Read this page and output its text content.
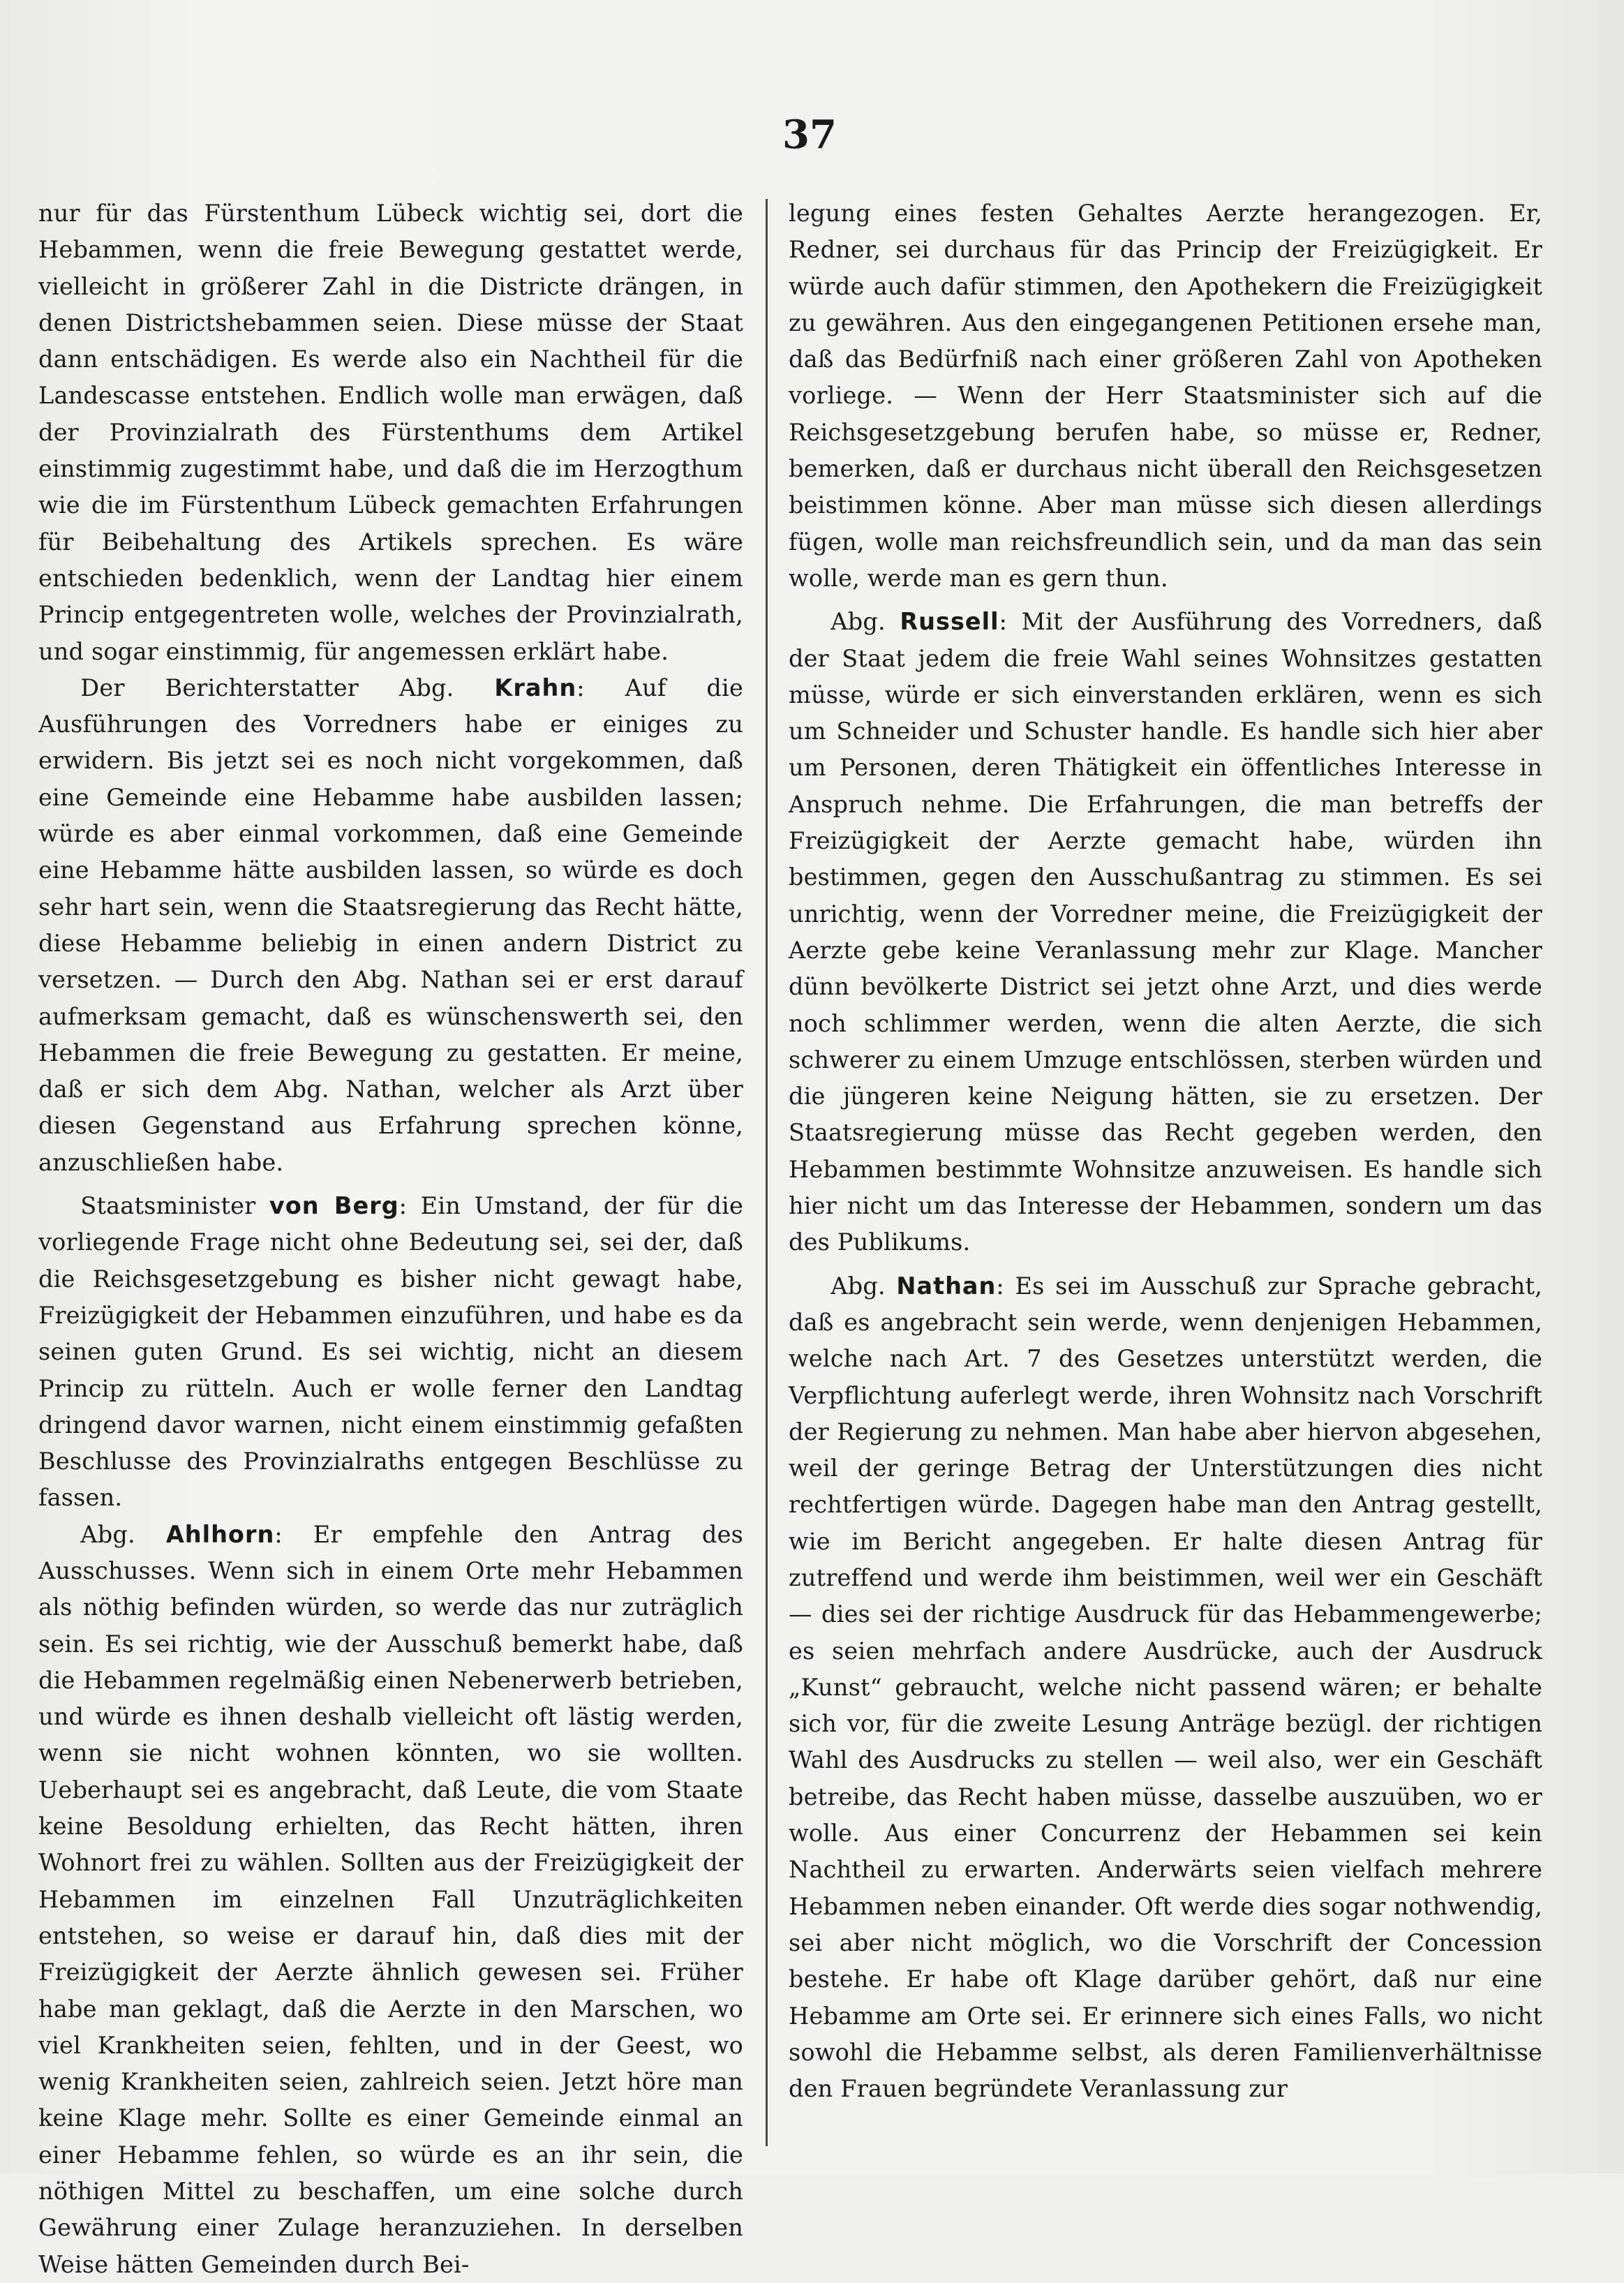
37

nur für das Fürstenthum Lübeck wichtig sei, dort die Hebammen, wenn die freie Bewegung gestattet werde, vielleicht in größerer Zahl in die Districte drängen, in denen Districtshebammen seien. Diese müsse der Staat dann entschädigen. Es werde also ein Nachtheil für die Landescasse entstehen. Endlich wolle man erwägen, daß der Provinzialrath des Fürstenthums dem Artikel einstimmig zugestimmt habe, und daß die im Herzogthum wie die im Fürstenthum Lübeck gemachten Erfahrungen für Beibehaltung des Artikels sprechen. Es wäre entschieden bedenklich, wenn der Landtag hier einem Princip entgegentreten wolle, welches der Provinzialrath, und sogar einstimmig, für angemessen erklärt habe.

Der Berichterstatter Abg. Krahn: Auf die Ausführungen des Vorredners habe er einiges zu erwidern. Bis jetzt sei es noch nicht vorgekommen, daß eine Gemeinde eine Hebamme habe ausbilden lassen; würde es aber einmal vorkommen, daß eine Gemeinde eine Hebamme hätte ausbilden lassen, so würde es doch sehr hart sein, wenn die Staatsregierung das Recht hätte, diese Hebamme beliebig in einen andern District zu versetzen. — Durch den Abg. Nathan sei er erst darauf aufmerksam gemacht, daß es wünschenswerth sei, den Hebammen die freie Bewegung zu gestatten. Er meine, daß er sich dem Abg. Nathan, welcher als Arzt über diesen Gegenstand aus Erfahrung sprechen könne, anzuschließen habe.

Staatsminister von Berg: Ein Umstand, der für die vorliegende Frage nicht ohne Bedeutung sei, sei der, daß die Reichsgesetzgebung es bisher nicht gewagt habe, Freizügigkeit der Hebammen einzuführen, und habe es da seinen guten Grund. Es sei wichtig, nicht an diesem Princip zu rütteln. Auch er wolle ferner den Landtag dringend davor warnen, nicht einem einstimmig gefaßten Beschlusse des Provinzialraths entgegen Beschlüsse zu fassen.

Abg. Ahlhorn: Er empfehle den Antrag des Ausschusses. Wenn sich in einem Orte mehr Hebammen als nöthig befinden würden, so werde das nur zuträglich sein. Es sei richtig, wie der Ausschuß bemerkt habe, daß die Hebammen regelmäßig einen Nebenerwerb betrieben, und würde es ihnen deshalb vielleicht oft lästig werden, wenn sie nicht wohnen könnten, wo sie wollten. Ueberhaupt sei es angebracht, daß Leute, die vom Staate keine Besoldung erhielten, das Recht hätten, ihren Wohnort frei zu wählen. Sollten aus der Freizügigkeit der Hebammen im einzelnen Fall Unzuträglichkeiten entstehen, so weise er darauf hin, daß dies mit der Freizügigkeit der Aerzte ähnlich gewesen sei. Früher habe man geklagt, daß die Aerzte in den Marschen, wo viel Krankheiten seien, fehlten, und in der Geest, wo wenig Krankheiten seien, zahlreich seien. Jetzt höre man keine Klage mehr. Sollte es einer Gemeinde einmal an einer Hebamme fehlen, so würde es an ihr sein, die nöthigen Mittel zu beschaffen, um eine solche durch Gewährung einer Zulage heranzuziehen. In derselben Weise hätten Gemeinden durch Bei-

legung eines festen Gehaltes Aerzte herangezogen. Er, Redner, sei durchaus für das Princip der Freizügigkeit. Er würde auch dafür stimmen, den Apothekern die Freizügigkeit zu gewähren. Aus den eingegangenen Petitionen ersehe man, daß das Bedürfniß nach einer größeren Zahl von Apotheken vorliege. — Wenn der Herr Staatsminister sich auf die Reichsgesetzgebung berufen habe, so müsse er, Redner, bemerken, daß er durchaus nicht überall den Reichsgesetzen beistimmen könne. Aber man müsse sich diesen allerdings fügen, wolle man reichsfreundlich sein, und da man das sein wolle, werde man es gern thun.

Abg. Russell: Mit der Ausführung des Vorredners, daß der Staat jedem die freie Wahl seines Wohnsitzes gestatten müsse, würde er sich einverstanden erklären, wenn es sich um Schneider und Schuster handle. Es handle sich hier aber um Personen, deren Thätigkeit ein öffentliches Interesse in Anspruch nehme. Die Erfahrungen, die man betreffs der Freizügigkeit der Aerzte gemacht habe, würden ihn bestimmen, gegen den Ausschußantrag zu stimmen. Es sei unrichtig, wenn der Vorredner meine, die Freizügigkeit der Aerzte gebe keine Veranlassung mehr zur Klage. Mancher dünn bevölkerte District sei jetzt ohne Arzt, und dies werde noch schlimmer werden, wenn die alten Aerzte, die sich schwerer zu einem Umzuge entschlössen, sterben würden und die jüngeren keine Neigung hätten, sie zu ersetzen. Der Staatsregierung müsse das Recht gegeben werden, den Hebammen bestimmte Wohnsitze anzuweisen. Es handle sich hier nicht um das Interesse der Hebammen, sondern um das des Publikums.

Abg. Nathan: Es sei im Ausschuß zur Sprache gebracht, daß es angebracht sein werde, wenn denjenigen Hebammen, welche nach Art. 7 des Gesetzes unterstützt werden, die Verpflichtung auferlegt werde, ihren Wohnsitz nach Vorschrift der Regierung zu nehmen. Man habe aber hiervon abgesehen, weil der geringe Betrag der Unterstützungen dies nicht rechtfertigen würde. Dagegen habe man den Antrag gestellt, wie im Bericht angegeben. Er halte diesen Antrag für zutreffend und werde ihm beistimmen, weil wer ein Geschäft — dies sei der richtige Ausdruck für das Hebammengewerbe; es seien mehrfach andere Ausdrücke, auch der Ausdruck „Kunst“ gebraucht, welche nicht passend wären; er behalte sich vor, für die zweite Lesung Anträge bezügl. der richtigen Wahl des Ausdrucks zu stellen — weil also, wer ein Geschäft betreibe, das Recht haben müsse, dasselbe auszuüben, wo er wolle. Aus einer Concurrenz der Hebammen sei kein Nachtheil zu erwarten. Anderwärts seien vielfach mehrere Hebammen neben einander. Oft werde dies sogar nothwendig, sei aber nicht möglich, wo die Vorschrift der Concession bestehe. Er habe oft Klage darüber gehört, daß nur eine Hebamme am Orte sei. Er erinnere sich eines Falls, wo nicht sowohl die Hebamme selbst, als deren Familienverhältnisse den Frauen begründete Veranlassung zur
